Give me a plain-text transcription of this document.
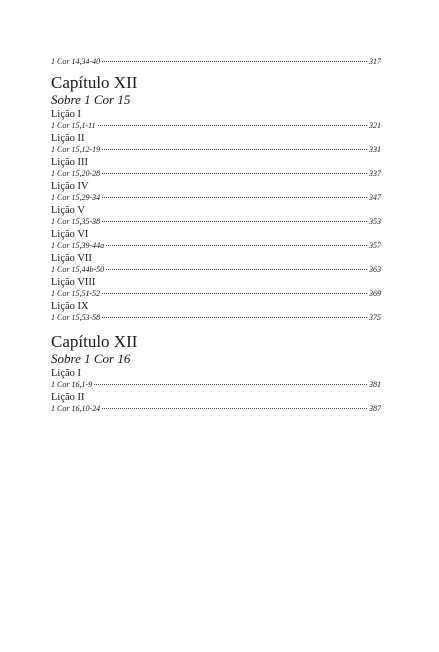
1 Cor 14,34-40	317
Capítulo XII
Sobre 1 Cor 15
Lição I
1 Cor 15,1-11	321
Lição II
1 Cor 15,12-19	331
Lição III
1 Cor 15,20-28	337
Lição IV
1 Cor 15,29-34	347
Lição V
1 Cor 15,35-38	353
Lição VI
1 Cor 15,39-44a	357
Lição VII
1 Cor 15,44b-50	363
Lição VIII
1 Cor 15,51-52	369
Lição IX
1 Cor 15,53-58	375
Capítulo XII
Sobre 1 Cor 16
Lição I
1 Cor 16,1-9	381
Lição II
1 Cor 16,10-24	387
